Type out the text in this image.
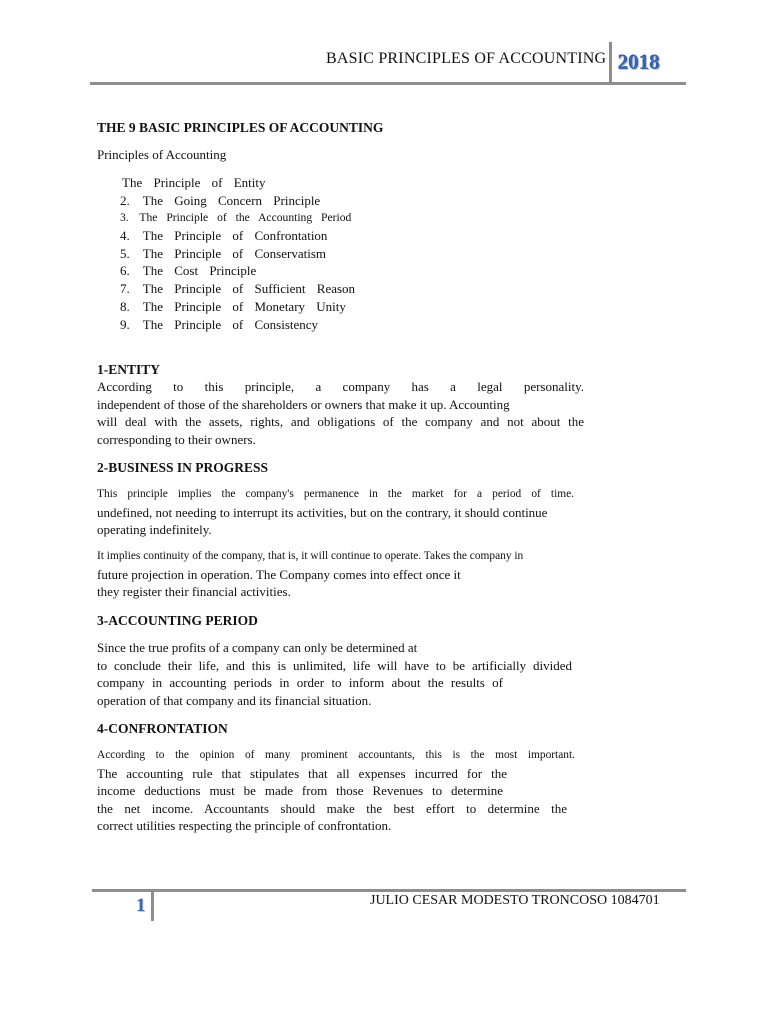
BASIC PRINCIPLES OF ACCOUNTING 2018
THE 9 BASIC PRINCIPLES OF ACCOUNTING
Principles of Accounting
The Principle of Entity
2. The Going Concern Principle
3. The Principle of the Accounting Period
4. The Principle of Confrontation
5. The Principle of Conservatism
6. The Cost Principle
7. The Principle of Sufficient Reason
8. The Principle of Monetary Unity
9. The Principle of Consistency
1-ENTITY
According to this principle, a company has a legal personality.
independent of those of the shareholders or owners that make it up. Accounting
will deal with the assets, rights, and obligations of the company and not about the
corresponding to their owners.
2-BUSINESS IN PROGRESS
This principle implies the company's permanence in the market for a period of time.
undefined, not needing to interrupt its activities, but on the contrary, it should continue
operating indefinitely.
It implies continuity of the company, that is, it will continue to operate. Takes the company in
future projection in operation. The Company comes into effect once it
they register their financial activities.
3-ACCOUNTING PERIOD
Since the true profits of a company can only be determined at
to conclude their life, and this is unlimited, life will have to be artificially divided
company in accounting periods in order to inform about the results of
operation of that company and its financial situation.
4-CONFRONTATION
According to the opinion of many prominent accountants, this is the most important.
The accounting rule that stipulates that all expenses incurred for the
income deductions must be made from those Revenues to determine
the net income. Accountants should make the best effort to determine the
correct utilities respecting the principle of confrontation.
1	JULIO CESAR MODESTO TRONCOSO 1084701
